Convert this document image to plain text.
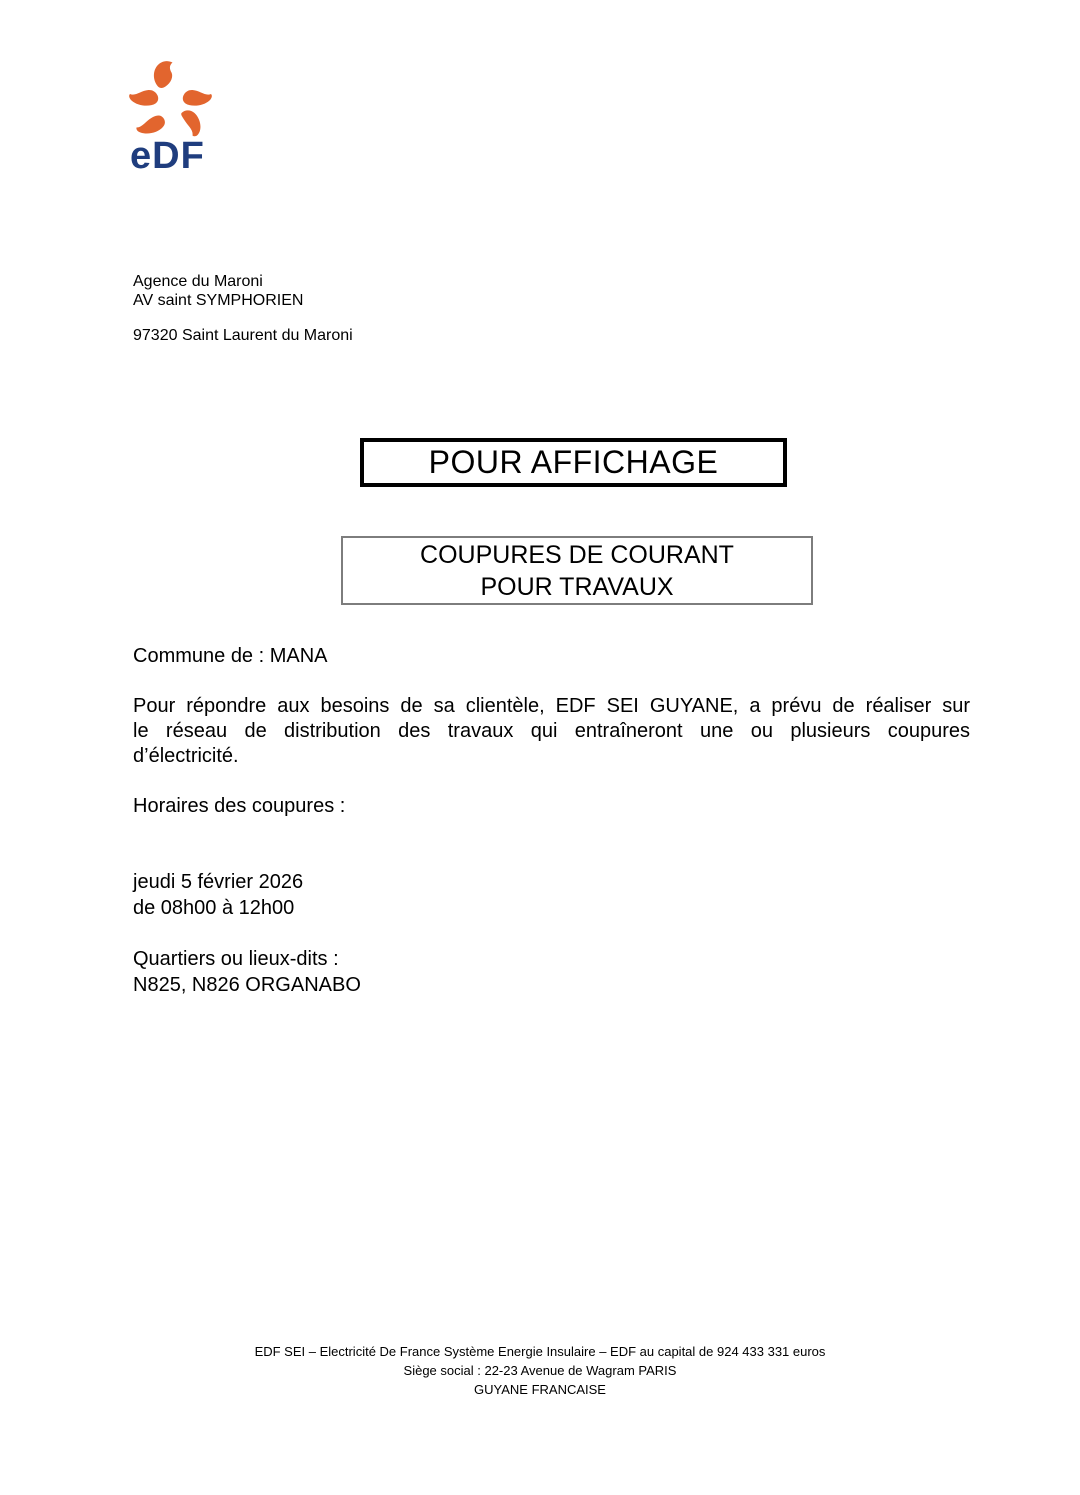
eDF
Agence du Maroni
AV saint SYMPHORIEN
97320 Saint Laurent du Maroni
POUR AFFICHAGE
COUPURES DE COURANT
POUR TRAVAUX
Commune de : MANA
Pour répondre aux besoins de sa clientèle, EDF SEI GUYANE, a prévu de réaliser sur
le réseau de distribution des travaux qui entraîneront une ou plusieurs coupures
d’électricité.
Horaires des coupures :
jeudi 5 février 2026
de 08h00 à 12h00
Quartiers ou lieux-dits :
N825, N826 ORGANABO
EDF SEI – Electricité De France Système Energie Insulaire – EDF au capital de 924 433 331 euros
Siège social : 22-23 Avenue de Wagram PARIS
GUYANE FRANCAISE
